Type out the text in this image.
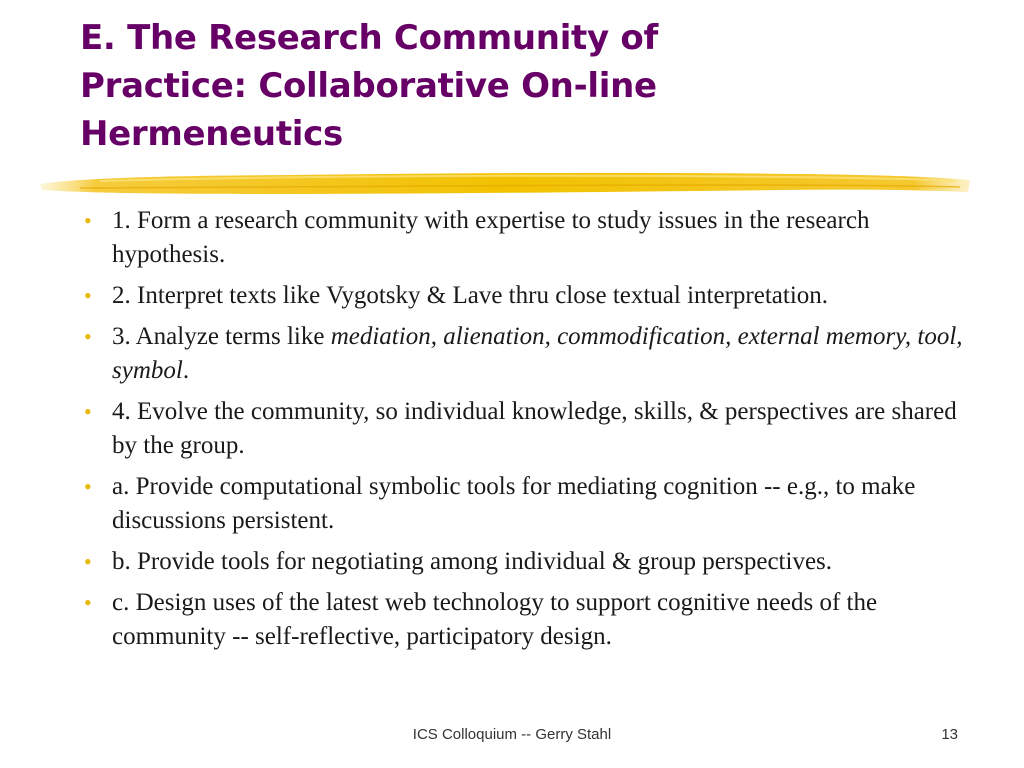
E. The Research Community of
Practice: Collaborative On-line
Hermeneutics
• 1. Form a research community with expertise to study issues in the research hypothesis.
• 2. Interpret texts like Vygotsky & Lave thru close textual interpretation.
• 3. Analyze terms like mediation, alienation, commodification, external memory, tool, symbol.
• 4. Evolve the community, so individual knowledge, skills, & perspectives are shared by the group.
• a. Provide computational symbolic tools for mediating cognition -- e.g., to make discussions persistent.
• b. Provide tools for negotiating among individual & group perspectives.
• c. Design uses of the latest web technology to support cognitive needs of the community -- self-reflective, participatory design.
ICS Colloquium -- Gerry Stahl	13
